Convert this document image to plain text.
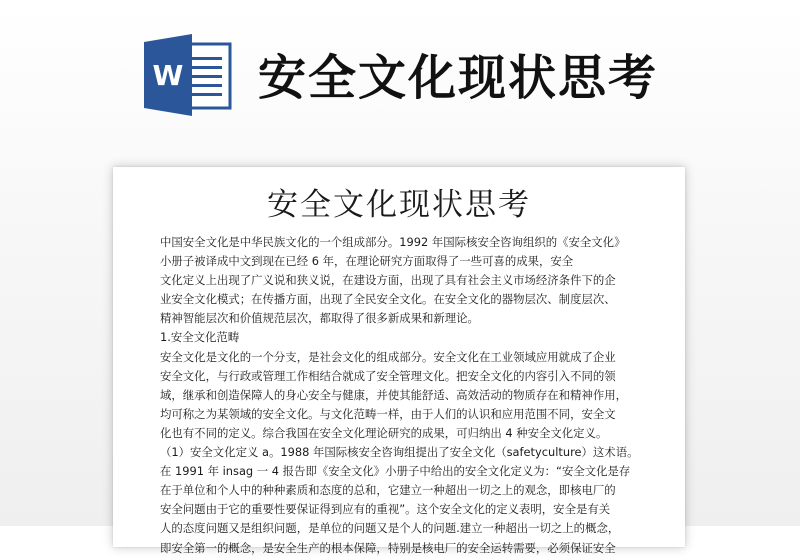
W 安全文化现状思考
安全文化现状思考
中国安全文化是中华民族文化的一个组成部分。1992 年国际核安全咨询组织的《安全文化》
小册子被译成中文到现在已经 6 年，在理论研究方面取得了一些可喜的成果，安全
文化定义上出现了广义说和狭义说，在建设方面，出现了具有社会主义市场经济条件下的企
业安全文化模式；在传播方面，出现了全民安全文化。在安全文化的器物层次、制度层次、
精神智能层次和价值规范层次，都取得了很多新成果和新理论。
1.安全文化范畴
安全文化是文化的一个分支，是社会文化的组成部分。安全文化在工业领域应用就成了企业
安全文化，与行政或管理工作相结合就成了安全管理文化。把安全文化的内容引入不同的领
域，继承和创造保障人的身心安全与健康，并使其能舒适、高效活动的物质存在和精神作用，
均可称之为某领域的安全文化。与文化范畴一样，由于人们的认识和应用范围不同，安全文
化也有不同的定义。综合我国在安全文化理论研究的成果，可归纳出 4 种安全文化定义。
（1）安全文化定义 a。1988 年国际核安全咨询组提出了安全文化（safetyculture）这术语。
在 1991 年 insag 一 4 报告即《安全文化》小册子中给出的安全文化定义为：“安全文化是存
在于单位和个人中的种种素质和态度的总和，它建立一种超出一切之上的观念，即核电厂的
安全问题由于它的重要性要保证得到应有的重视”。这个安全文化的定义表明，安全是有关
人的态度问题又是组织问题，是单位的问题又是个人的问题.建立一种超出一切之上的概念，
即安全第一的概念，是安全生产的根本保障，特别是核电厂的安全运转需要，必须保证安全
